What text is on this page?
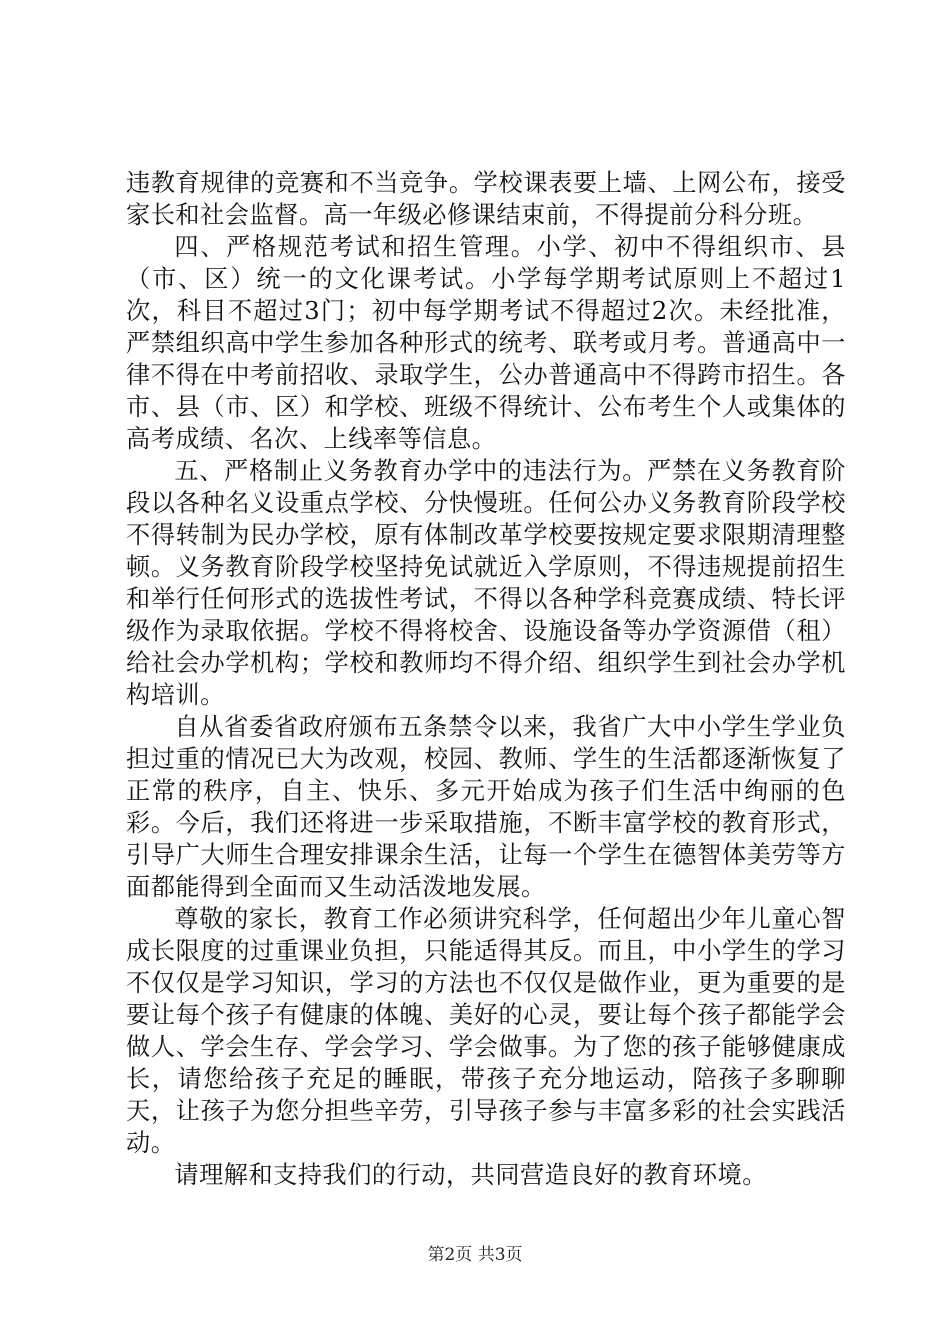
违教育规律的竞赛和不当竞争。学校课表要上墙、上网公布，接受家长和社会监督。高一年级必修课结束前，不得提前分科分班。

四、严格规范考试和招生管理。小学、初中不得组织市、县（市、区）统一的文化课考试。小学每学期考试原则上不超过1次，科目不超过3门；初中每学期考试不得超过2次。未经批准，严禁组织高中学生参加各种形式的统考、联考或月考。普通高中一律不得在中考前招收、录取学生，公办普通高中不得跨市招生。各市、县（市、区）和学校、班级不得统计、公布考生个人或集体的高考成绩、名次、上线率等信息。

五、严格制止义务教育办学中的违法行为。严禁在义务教育阶段以各种名义设重点学校、分快慢班。任何公办义务教育阶段学校不得转制为民办学校，原有体制改革学校要按规定要求限期清理整顿。义务教育阶段学校坚持免试就近入学原则，不得违规提前招生和举行任何形式的选拔性考试，不得以各种学科竞赛成绩、特长评级作为录取依据。学校不得将校舍、设施设备等办学资源借（租）给社会办学机构；学校和教师均不得介绍、组织学生到社会办学机构培训。

自从省委省政府颁布五条禁令以来，我省广大中小学生学业负担过重的情况已大为改观，校园、教师、学生的生活都逐渐恢复了正常的秩序，自主、快乐、多元开始成为孩子们生活中绚丽的色彩。今后，我们还将进一步采取措施，不断丰富学校的教育形式，引导广大师生合理安排课余生活，让每一个学生在德智体美劳等方面都能得到全面而又生动活泼地发展。

尊敬的家长，教育工作必须讲究科学，任何超出少年儿童心智成长限度的过重课业负担，只能适得其反。而且，中小学生的学习不仅仅是学习知识，学习的方法也不仅仅是做作业，更为重要的是要让每个孩子有健康的体魄、美好的心灵，要让每个孩子都能学会做人、学会生存、学会学习、学会做事。为了您的孩子能够健康成长，请您给孩子充足的睡眠，带孩子充分地运动，陪孩子多聊聊天，让孩子为您分担些辛劳，引导孩子参与丰富多彩的社会实践活动。

请理解和支持我们的行动，共同营造良好的教育环境。

第2页 共3页
